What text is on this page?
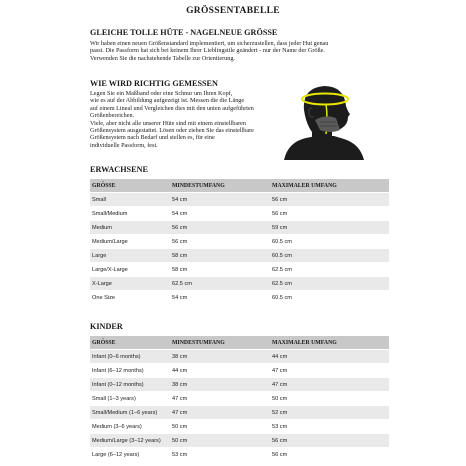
GRÖSSENTABELLE
GLEICHE TOLLE HÜTE - NAGELNEUE GRÖSSE
Wir haben einen neuen Größenstandard implementiert, um sicherzustellen, dass jeder Hut genau
passt. Die Passform hat sich bei keinem Ihrer Lieblingstile geändert - nur der Name der Größe.
Verwenden Sie die nachstehende Tabelle zur Orientierung.
WIE WIRD RICHTIG GEMESSEN
Legen Sie ein Maßband oder eine Schnur um Ihren Kopf,
wie es auf der Abbildung aufgezeigt ist. Messen die die Länge
auf einem Lineal und Vergleichen dies mit den unten aufgeführten
Größenbereichen.
Viele, aber nicht alle unserer Hüte sind mit einem einstellbaren
Größensystem ausgestattet. Lösen oder ziehen Sie das einstellbare
Größensystem nach Bedarf und stellen es, für eine
individuelle Passform, fest.
ERWACHSENE
GRÖSSE	MINDESTUMFANG	MAXIMALER UMFANG
Small	54 cm	56 cm
Small/Medium	54 cm	56 cm
Medium	56 cm	59 cm
Medium/Large	56 cm	60.5 cm
Large	58 cm	60.5 cm
Large/X-Large	58 cm	62.5 cm
X-Large	62.5 cm	62.5 cm
One Size	54 cm	60.5 cm
KINDER
GRÖSSE	MINDESTUMFANG	MAXIMALER UMFANG
Infant (0–6 months)	38 cm	44 cm
Infant (6–12 months)	44 cm	47 cm
Infant (0–12 months)	38 cm	47 cm
Small (1–3 years)	47 cm	50 cm
Small/Medium (1–6 years)	47 cm	52 cm
Medium (3–6 years)	50 cm	53 cm
Medium/Large (3–12 years)	50 cm	56 cm
Large (6–12 years)	53 cm	56 cm
